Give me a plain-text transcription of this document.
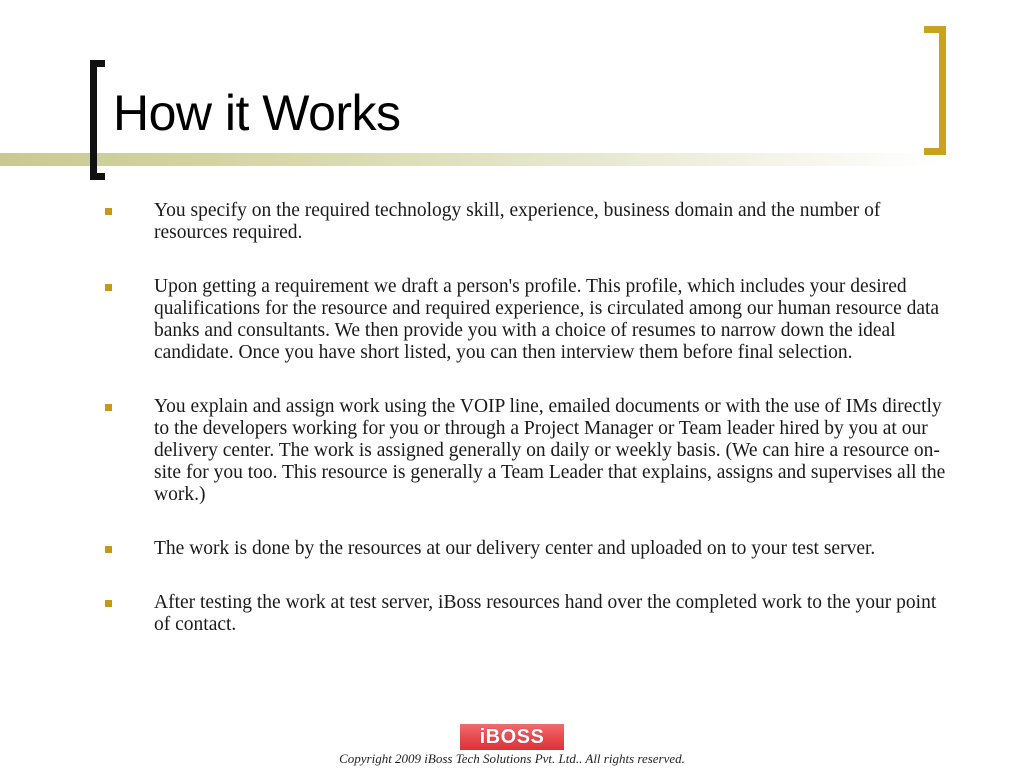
How it Works
You specify on the required technology skill, experience, business domain and the number of resources required.
Upon getting a requirement we draft a person's profile. This profile, which includes your desired qualifications for the resource and required experience, is circulated among our human resource data banks and consultants. We then provide you with a choice of resumes to narrow down the ideal candidate. Once you have short listed, you can then interview them before final selection.
You explain and assign work using the VOIP line, emailed documents or with the use of IMs directly to the developers working for you or through a Project Manager or Team leader hired by you at our delivery center. The work is assigned generally on daily or weekly basis. (We can hire a resource on-site for you too. This resource is generally a Team Leader that explains, assigns and supervises all the work.)
The work is done by the resources at our delivery center and uploaded on to your test server.
After testing the work at test server, iBoss resources hand over the completed work to the your point of contact.
iBOSS
Copyright 2009 iBoss Tech Solutions Pvt. Ltd.. All rights reserved.
